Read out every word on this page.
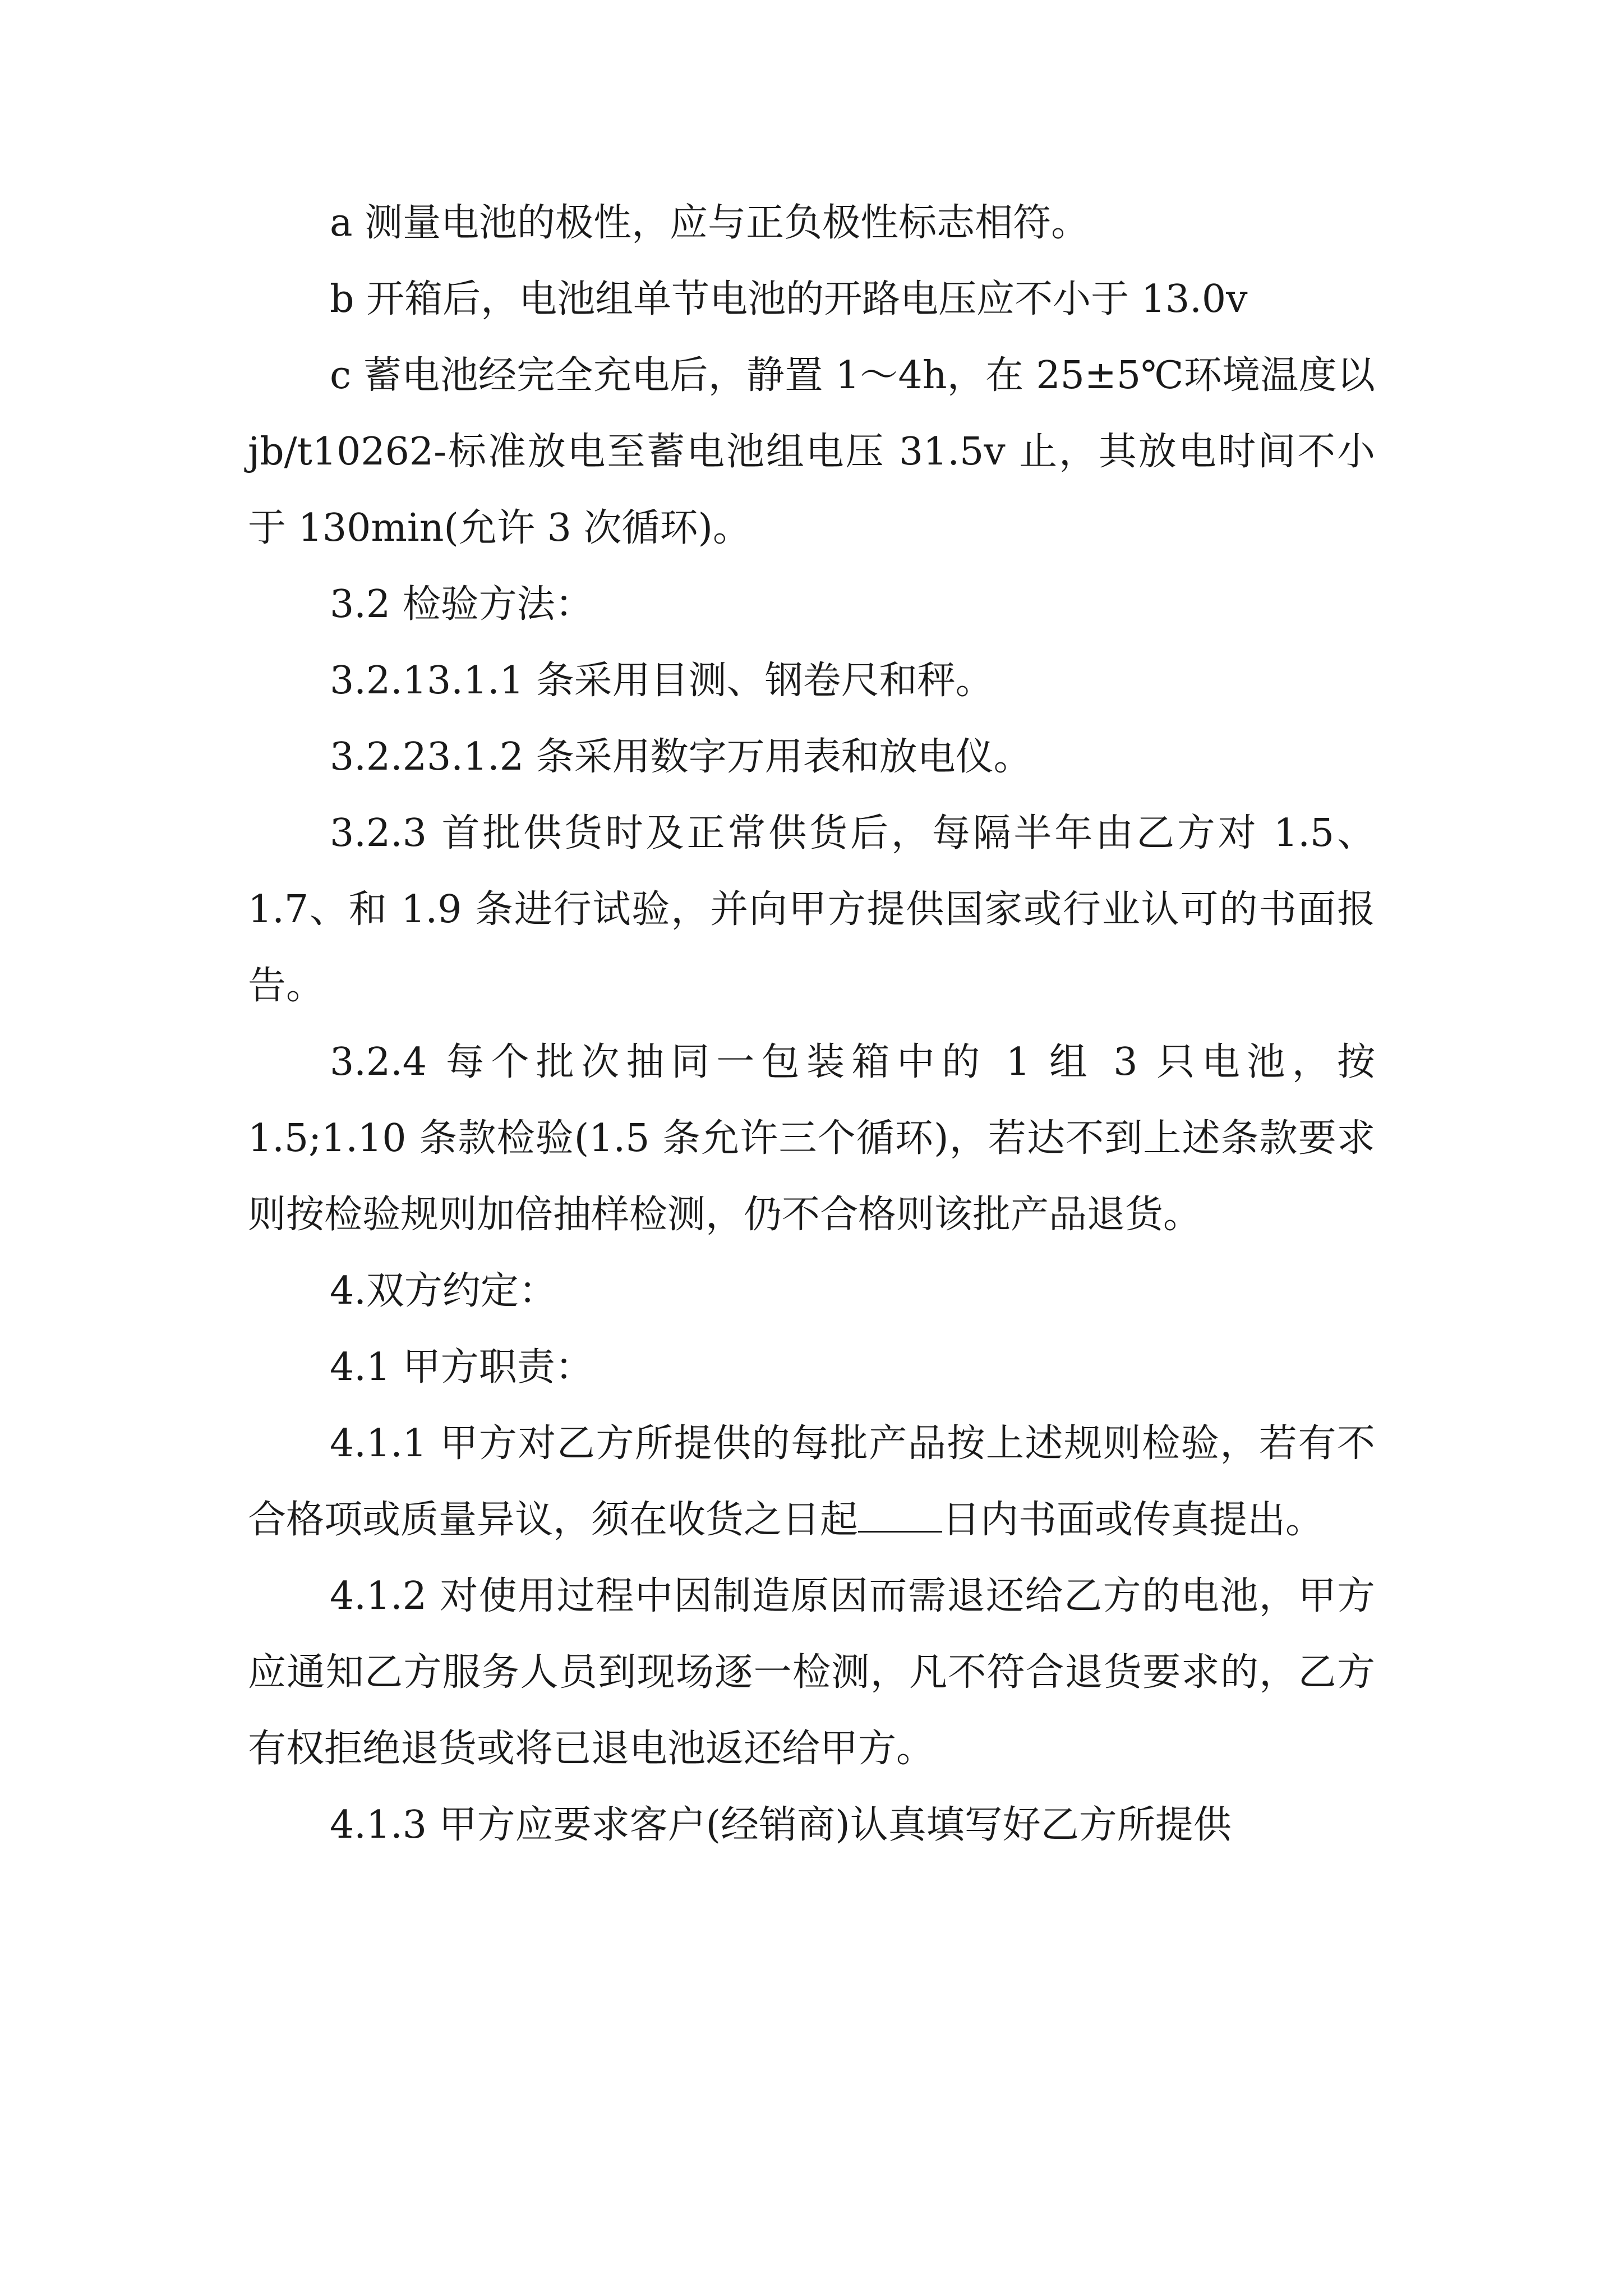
a 测量电池的极性，应与正负极性标志相符。

b 开箱后，电池组单节电池的开路电压应不小于 13.0v

c 蓄电池经完全充电后，静置 1～4h，在 25±5℃环境温度以 jb/t10262-标准放电至蓄电池组电压 31.5v 止，其放电时间不小于 130min(允许 3 次循环)。

3.2 检验方法：

3.2.13.1.1 条采用目测、钢卷尺和秤。

3.2.23.1.2 条采用数字万用表和放电仪。

3.2.3 首批供货时及正常供货后，每隔半年由乙方对 1.5、1.7、和 1.9 条进行试验，并向甲方提供国家或行业认可的书面报告。

3.2.4 每个批次抽同一包装箱中的 1 组 3 只电池，按 1.5;1.10 条款检验(1.5 条允许三个循环)，若达不到上述条款要求则按检验规则加倍抽样检测，仍不合格则该批产品退货。

4.双方约定：

4.1 甲方职责：

4.1.1 甲方对乙方所提供的每批产品按上述规则检验，若有不合格项或质量异议，须在收货之日起 日内书面或传真提出。

4.1.2 对使用过程中因制造原因而需退还给乙方的电池，甲方应通知乙方服务人员到现场逐一检测，凡不符合退货要求的，乙方有权拒绝退货或将已退电池返还给甲方。

4.1.3 甲方应要求客户(经销商)认真填写好乙方所提供
